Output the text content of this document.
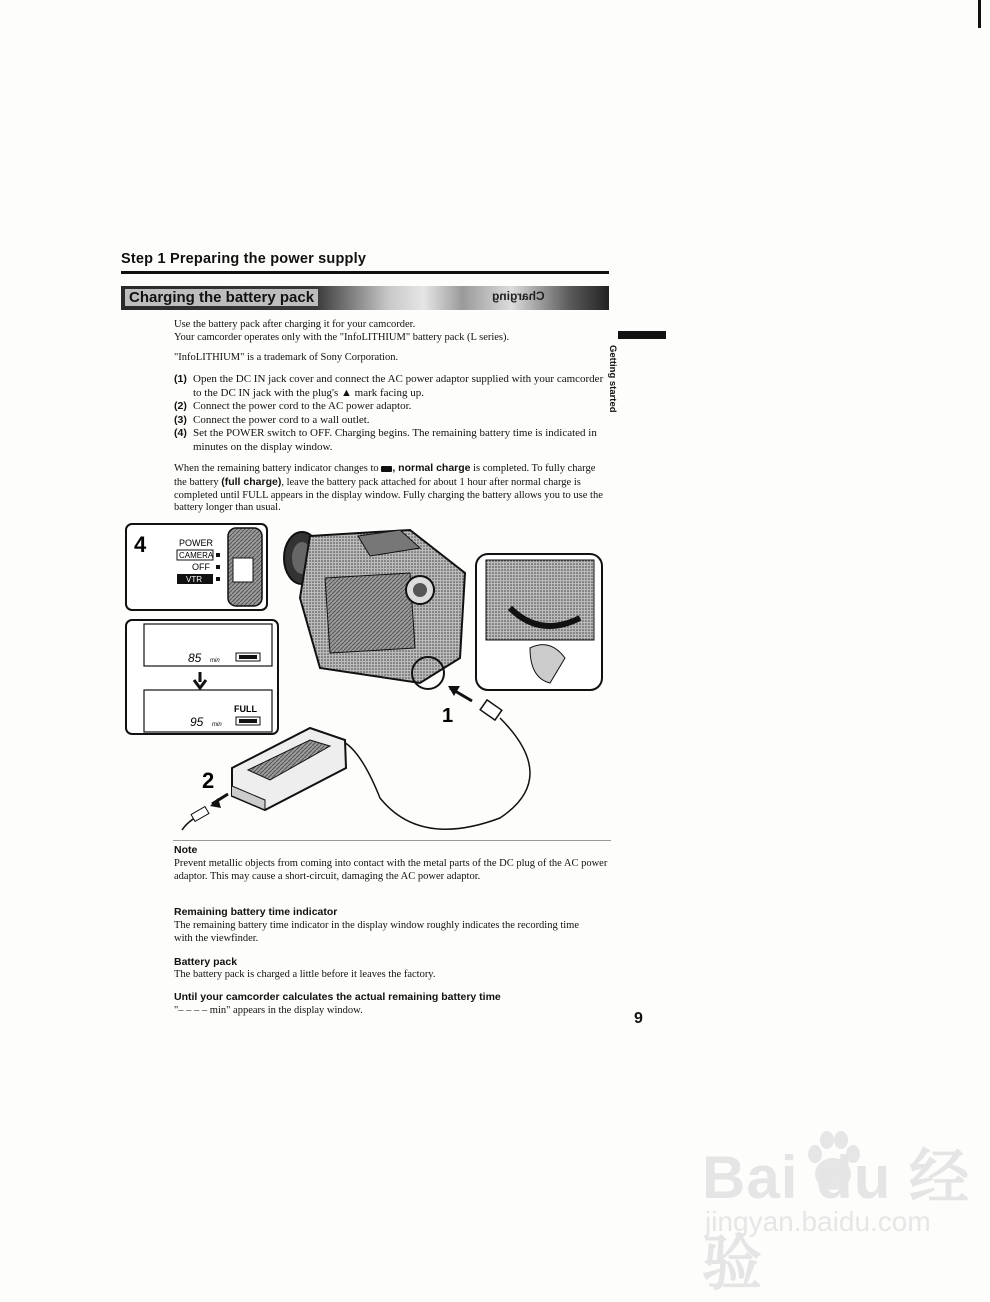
Step 1 Preparing the power supply
Charging the battery pack	Charging
Getting started
Use the battery pack after charging it for your camcorder.
Your camcorder operates only with the "InfoLITHIUM" battery pack (L series).
"InfoLITHIUM" is a trademark of Sony Corporation.
(1) Open the DC IN jack cover and connect the AC power adaptor supplied with your camcorder to the DC IN jack with the plug's ▲ mark facing up.
(2) Connect the power cord to the AC power adaptor.
(3) Connect the power cord to a wall outlet.
(4) Set the POWER switch to OFF. Charging begins. The remaining battery time is indicated in minutes on the display window.
When the remaining battery indicator changes to , normal charge is completed. To fully charge the battery (full charge), leave the battery pack attached for about 1 hour after normal charge is completed until FULL appears in the display window. Fully charging the battery allows you to use the battery longer than usual.
4	POWER
CAMERA
OFF
VTR
85 min
FULL
95 min	1
2
Note
Prevent metallic objects from coming into contact with the metal parts of the DC plug of the AC power adaptor. This may cause a short-circuit, damaging the AC power adaptor.
Remaining battery time indicator
The remaining battery time indicator in the display window roughly indicates the recording time with the viewfinder.
Battery pack
The battery pack is charged a little before it leaves the factory.
Until your camcorder calculates the actual remaining battery time
"– – – – min" appears in the display window.	9
Bai du 经验
jingyan.baidu.com
